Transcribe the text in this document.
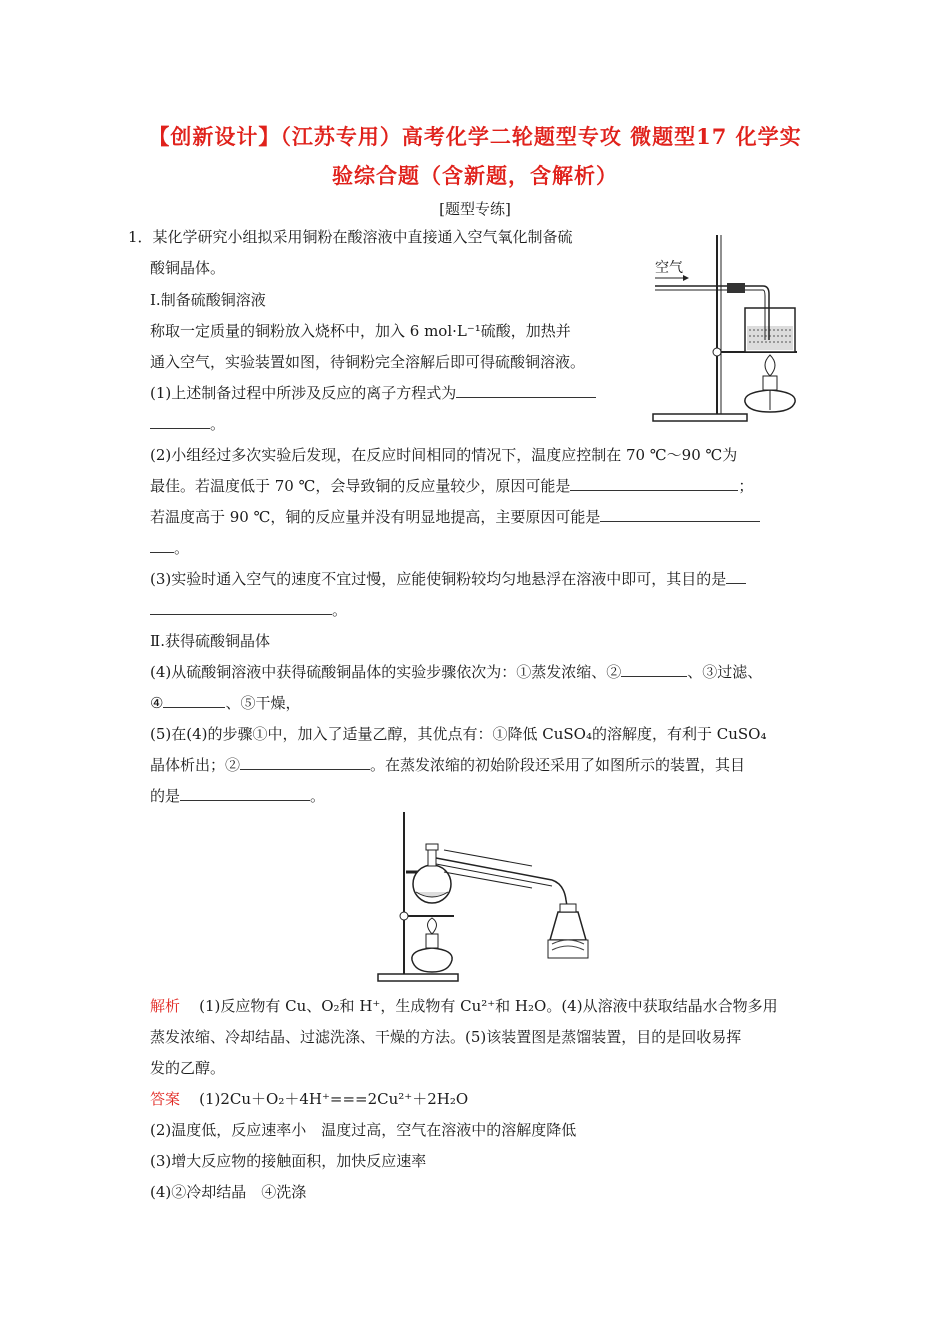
【创新设计】（江苏专用）高考化学二轮题型专攻 微题型17 化学实
验综合题（含新题，含解析）
[题型专练]
1．某化学研究小组拟采用铜粉在酸溶液中直接通入空气氧化制备硫
酸铜晶体。
Ⅰ.制备硫酸铜溶液
称取一定质量的铜粉放入烧杯中，加入 6 mol·L⁻¹硫酸，加热并
通入空气，实验装置如图，待铜粉完全溶解后即可得硫酸铜溶液。
(1)上述制备过程中所涉及反应的离子方程式为
。
(2)小组经过多次实验后发现，在反应时间相同的情况下，温度应控制在 70 ℃～90 ℃为
最佳。若温度低于 70 ℃，会导致铜的反应量较少，原因可能是	；
若温度高于 90 ℃，铜的反应量并没有明显地提高，主要原因可能是
。
(3)实验时通入空气的速度不宜过慢，应能使铜粉较均匀地悬浮在溶液中即可，其目的是
。
Ⅱ.获得硫酸铜晶体
(4)从硫酸铜溶液中获得硫酸铜晶体的实验步骤依次为：①蒸发浓缩、②	、③过滤、
④	、⑤干燥，
(5)在(4)的步骤①中，加入了适量乙醇，其优点有：①降低 CuSO₄的溶解度，有利于 CuSO₄
晶体析出；②	。在蒸发浓缩的初始阶段还采用了如图所示的装置，其目
的是	。
空气
解析 (1)反应物有 Cu、O₂和 H⁺，生成物有 Cu²⁺和 H₂O。(4)从溶液中获取结晶水合物多用
蒸发浓缩、冷却结晶、过滤洗涤、干燥的方法。(5)该装置图是蒸馏装置，目的是回收易挥
发的乙醇。
答案 (1)2Cu＋O₂＋4H⁺===2Cu²⁺＋2H₂O
(2)温度低，反应速率小　温度过高，空气在溶液中的溶解度降低
(3)增大反应物的接触面积，加快反应速率
(4)②冷却结晶　④洗涤
